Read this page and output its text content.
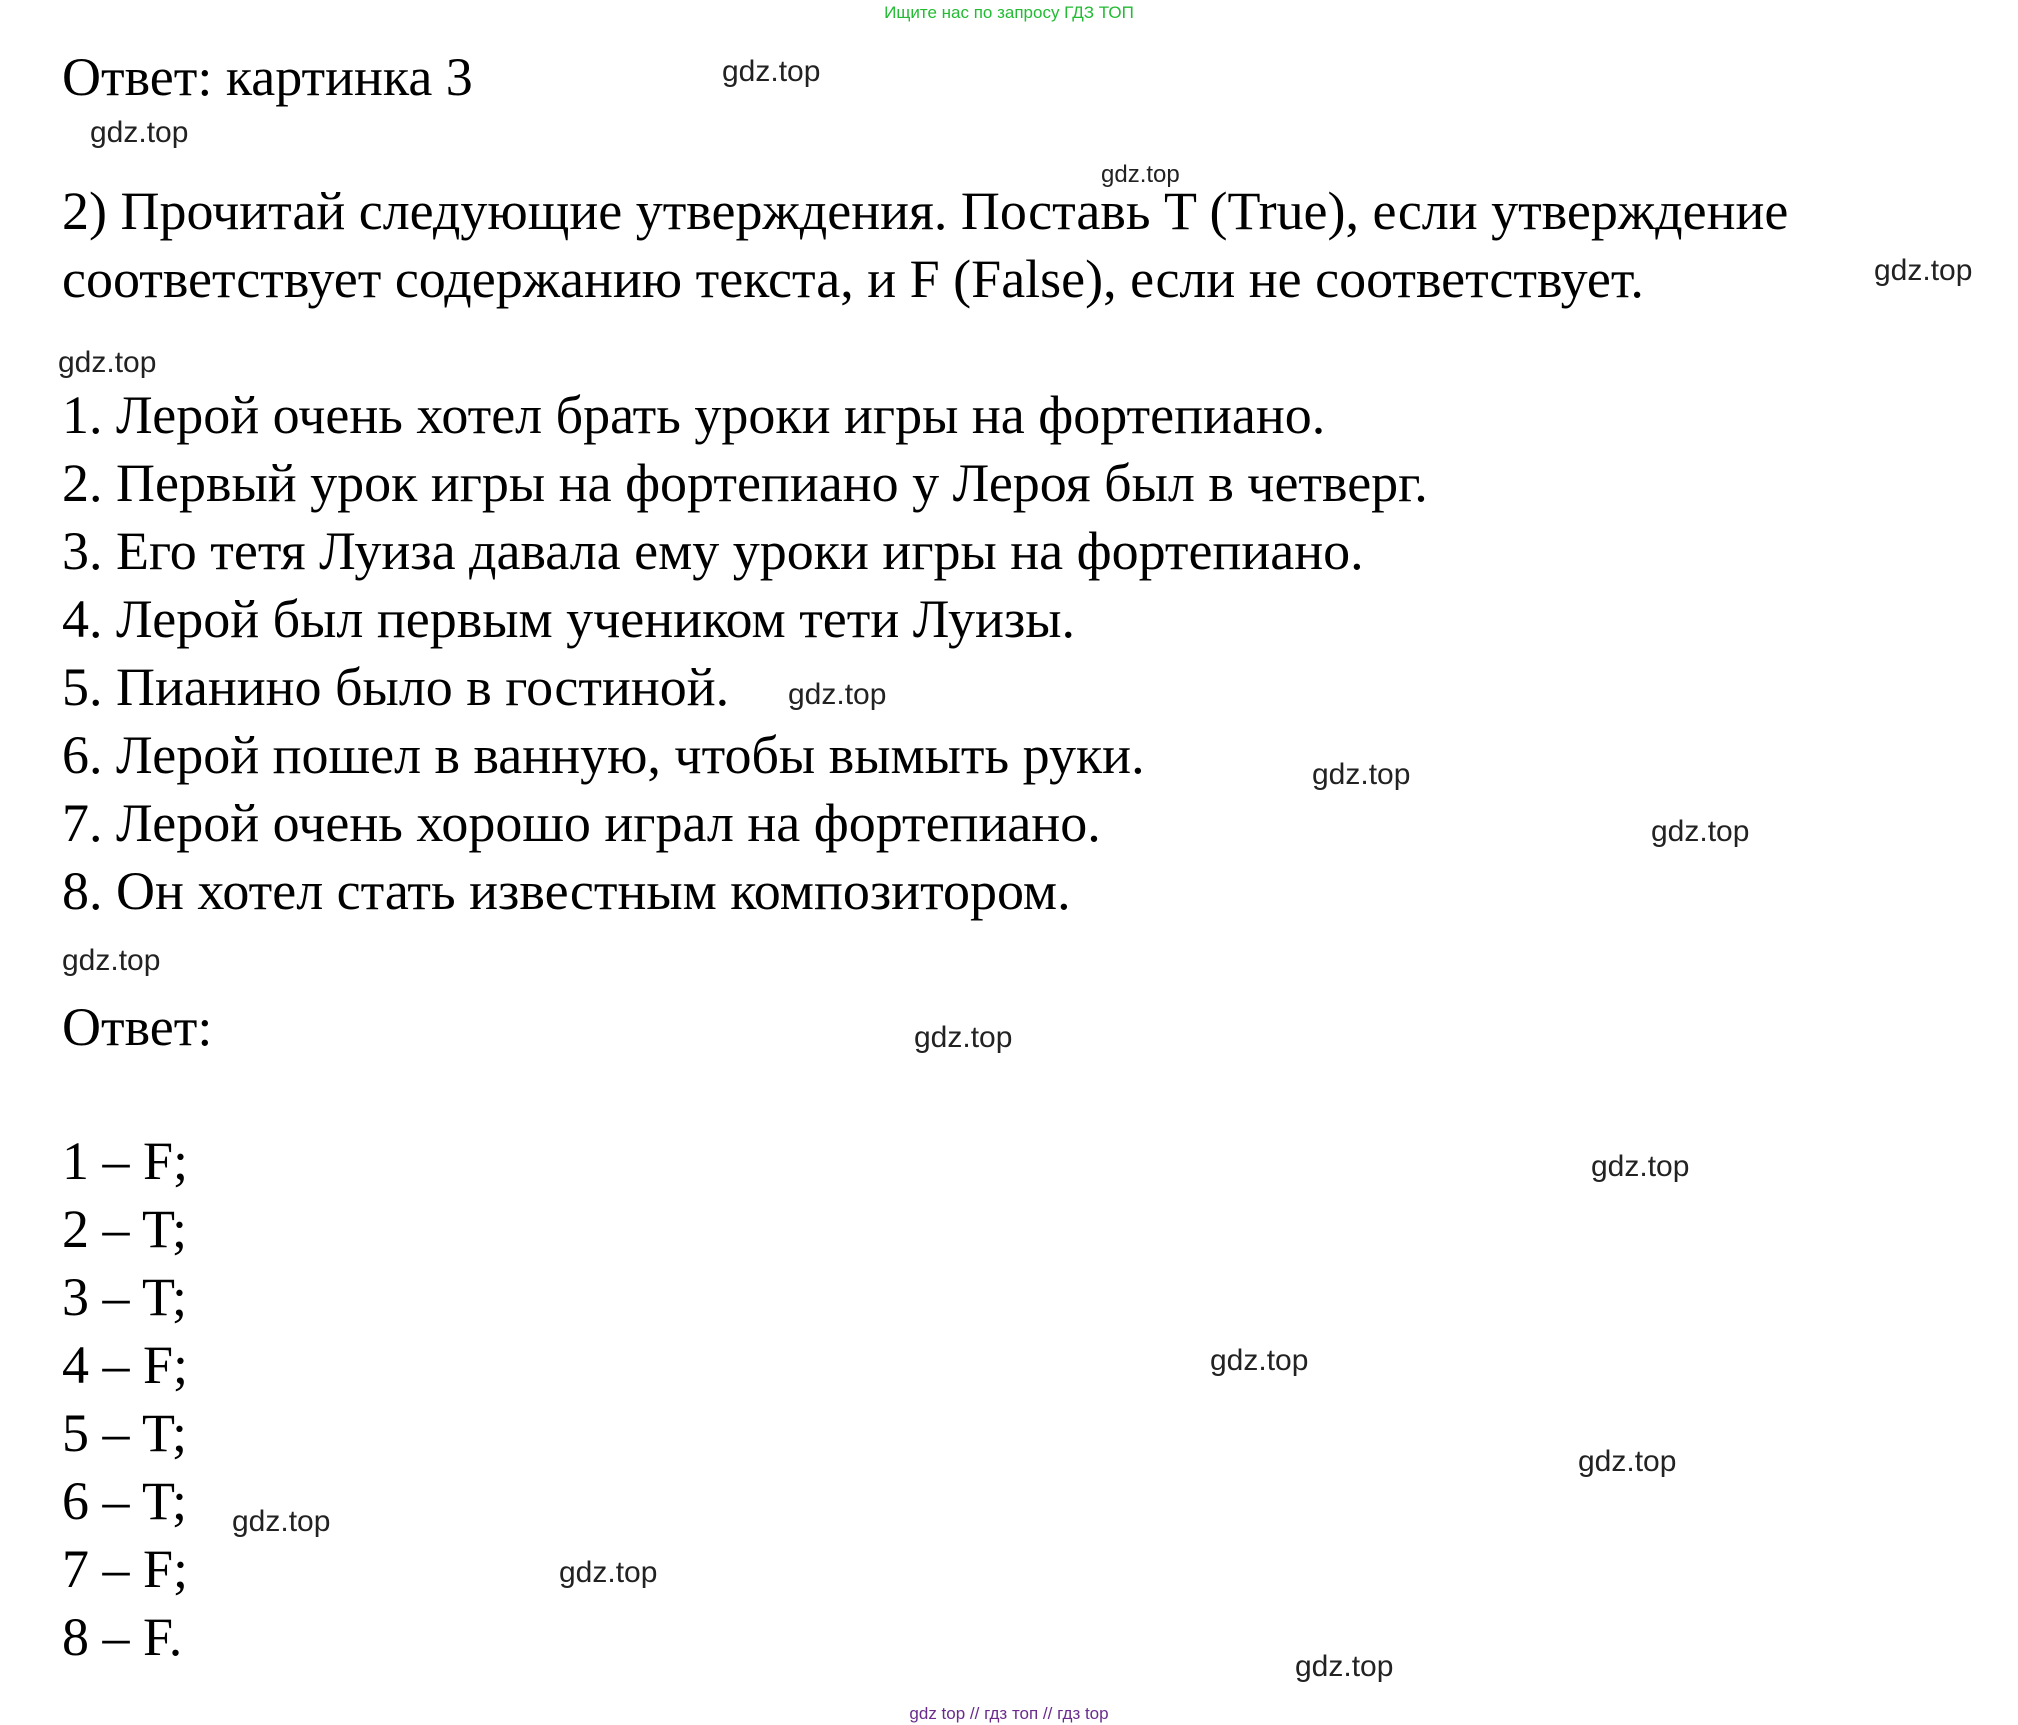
Ищите нас по запросу ГДЗ ТОП
Ответ: картинка 3
2) Прочитай следующие утверждения. Поставь T (True), если утверждение
соответствует содержанию текста, и F (False), если не соответствует.
1. Лерой очень хотел брать уроки игры на фортепиано.
2. Первый урок игры на фортепиано у Лероя был в четверг.
3. Его тетя Луиза давала ему уроки игры на фортепиано.
4. Лерой был первым учеником тети Луизы.
5. Пианино было в гостиной.
6. Лерой пошел в ванную, чтобы вымыть руки.
7. Лерой очень хорошо играл на фортепиано.
8. Он хотел стать известным композитором.
Ответ:
1 – F;
2 – T;
3 – T;
4 – F;
5 – T;
6 – T;
7 – F;
8 – F.
gdz.top
gdz.top
gdz.top
gdz.top
gdz.top
gdz.top
gdz.top
gdz.top
gdz.top
gdz.top
gdz.top
gdz.top
gdz.top
gdz.top
gdz.top
gdz.top
gdz top // гдз топ // гдз top
